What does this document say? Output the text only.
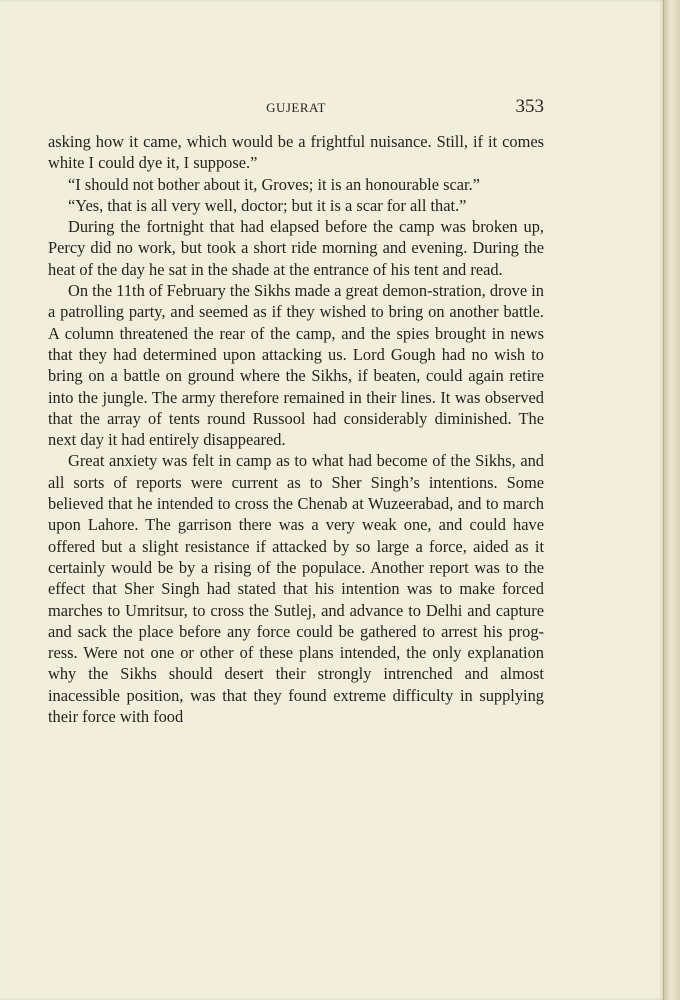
GUJERAT	353

asking how it came, which would be a frightful nuisance. Still, if it comes white I could dye it, I suppose.”

“I should not bother about it, Groves; it is an honourable scar.”

“Yes, that is all very well, doctor; but it is a scar for all that.”

During the fortnight that had elapsed before the camp was broken up, Percy did no work, but took a short ride morning and evening. During the heat of the day he sat in the shade at the entrance of his tent and read.

On the 11th of February the Sikhs made a great demon-stration, drove in a patrolling party, and seemed as if they wished to bring on another battle. A column threatened the rear of the camp, and the spies brought in news that they had determined upon attacking us. Lord Gough had no wish to bring on a battle on ground where the Sikhs, if beaten, could again retire into the jungle. The army therefore remained in their lines. It was observed that the array of tents round Russool had considerably diminished. The next day it had entirely disappeared.

Great anxiety was felt in camp as to what had become of the Sikhs, and all sorts of reports were current as to Sher Singh’s intentions. Some believed that he intended to cross the Chenab at Wuzeerabad, and to march upon Lahore. The garrison there was a very weak one, and could have offered but a slight resistance if attacked by so large a force, aided as it certainly would be by a rising of the populace. Another report was to the effect that Sher Singh had stated that his intention was to make forced marches to Umritsur, to cross the Sutlej, and advance to Delhi and capture and sack the place before any force could be gathered to arrest his prog-ress. Were not one or other of these plans intended, the only explanation why the Sikhs should desert their strongly intrenched and almost inacessible position, was that they found extreme difficulty in supplying their force with food
